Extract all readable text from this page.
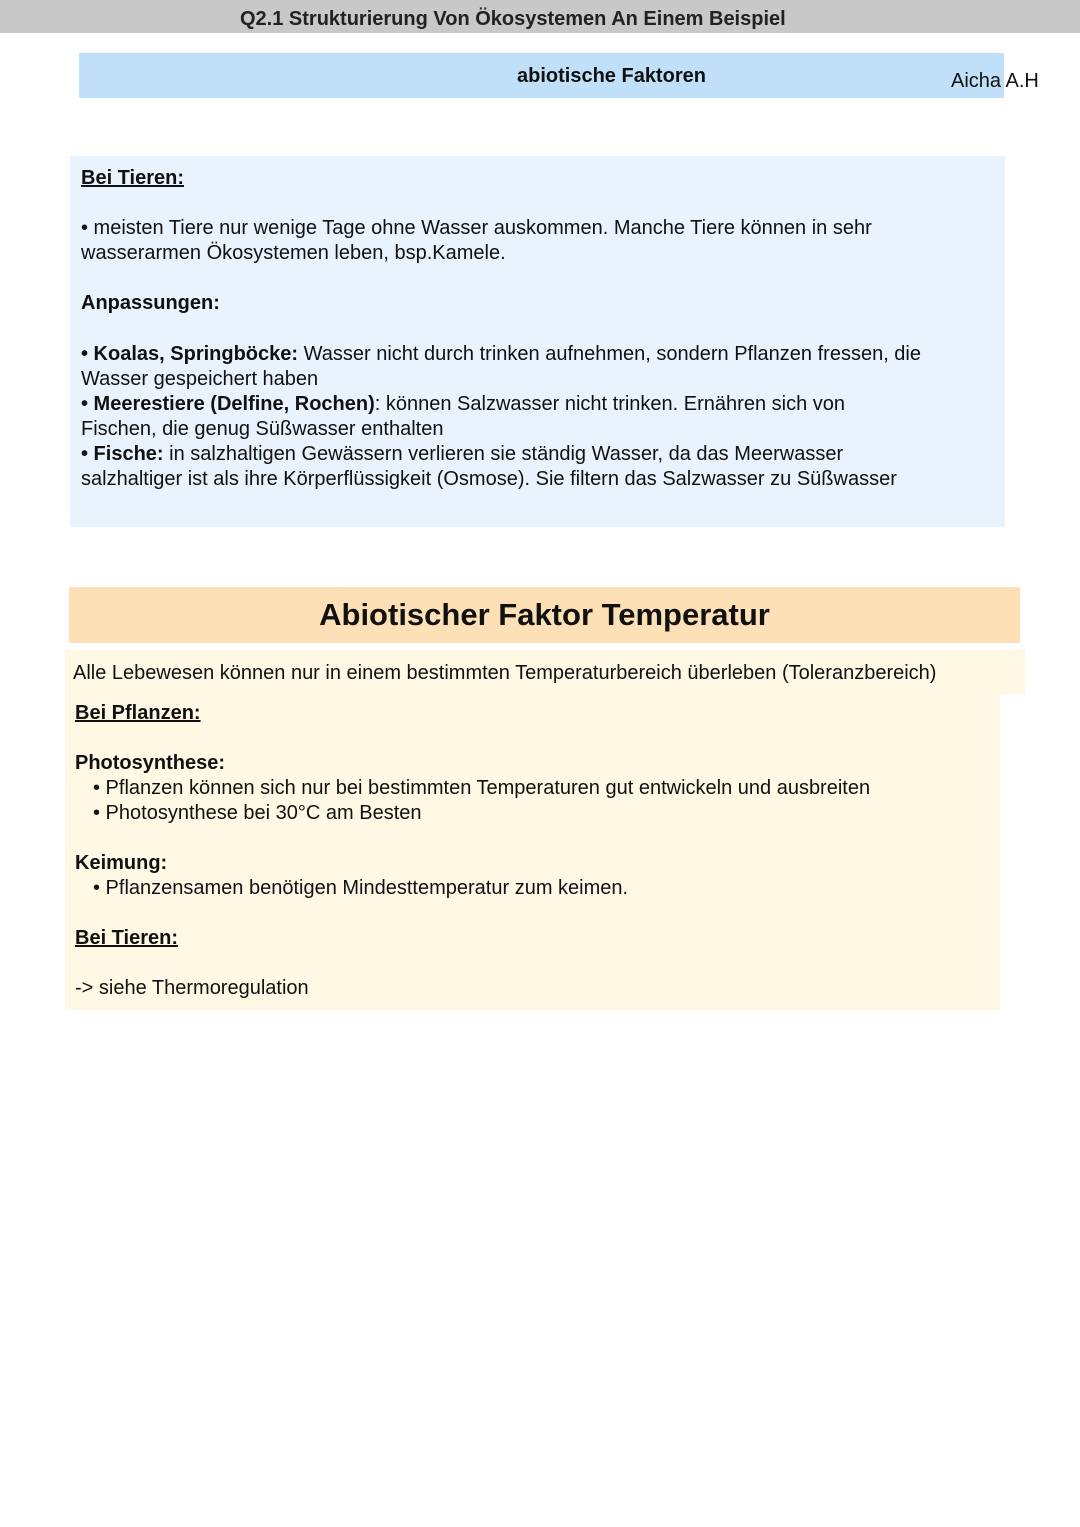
Q2.1 Strukturierung Von Ökosystemen An Einem Beispiel
abiotische Faktoren	Aicha A.H
Bei Tieren:
• meisten Tiere nur wenige Tage ohne Wasser auskommen. Manche Tiere können in sehr
wasserarmen Ökosystemen leben, bsp.Kamele.
Anpassungen:
• Koalas, Springböcke: Wasser nicht durch trinken aufnehmen, sondern Pflanzen fressen, die
Wasser gespeichert haben
• Meerestiere (Delfine, Rochen): können Salzwasser nicht trinken. Ernähren sich von
Fischen, die genug Süßwasser enthalten
• Fische: in salzhaltigen Gewässern verlieren sie ständig Wasser, da das Meerwasser
salzhaltiger ist als ihre Körperflüssigkeit (Osmose). Sie filtern das Salzwasser zu Süßwasser
Abiotischer Faktor Temperatur
Alle Lebewesen können nur in einem bestimmten Temperaturbereich überleben (Toleranzbereich)
Bei Pflanzen:
Photosynthese:
• Pflanzen können sich nur bei bestimmten Temperaturen gut entwickeln und ausbreiten
• Photosynthese bei 30°C am Besten
Keimung:
• Pflanzensamen benötigen Mindesttemperatur zum keimen.
Bei Tieren:
-> siehe Thermoregulation
